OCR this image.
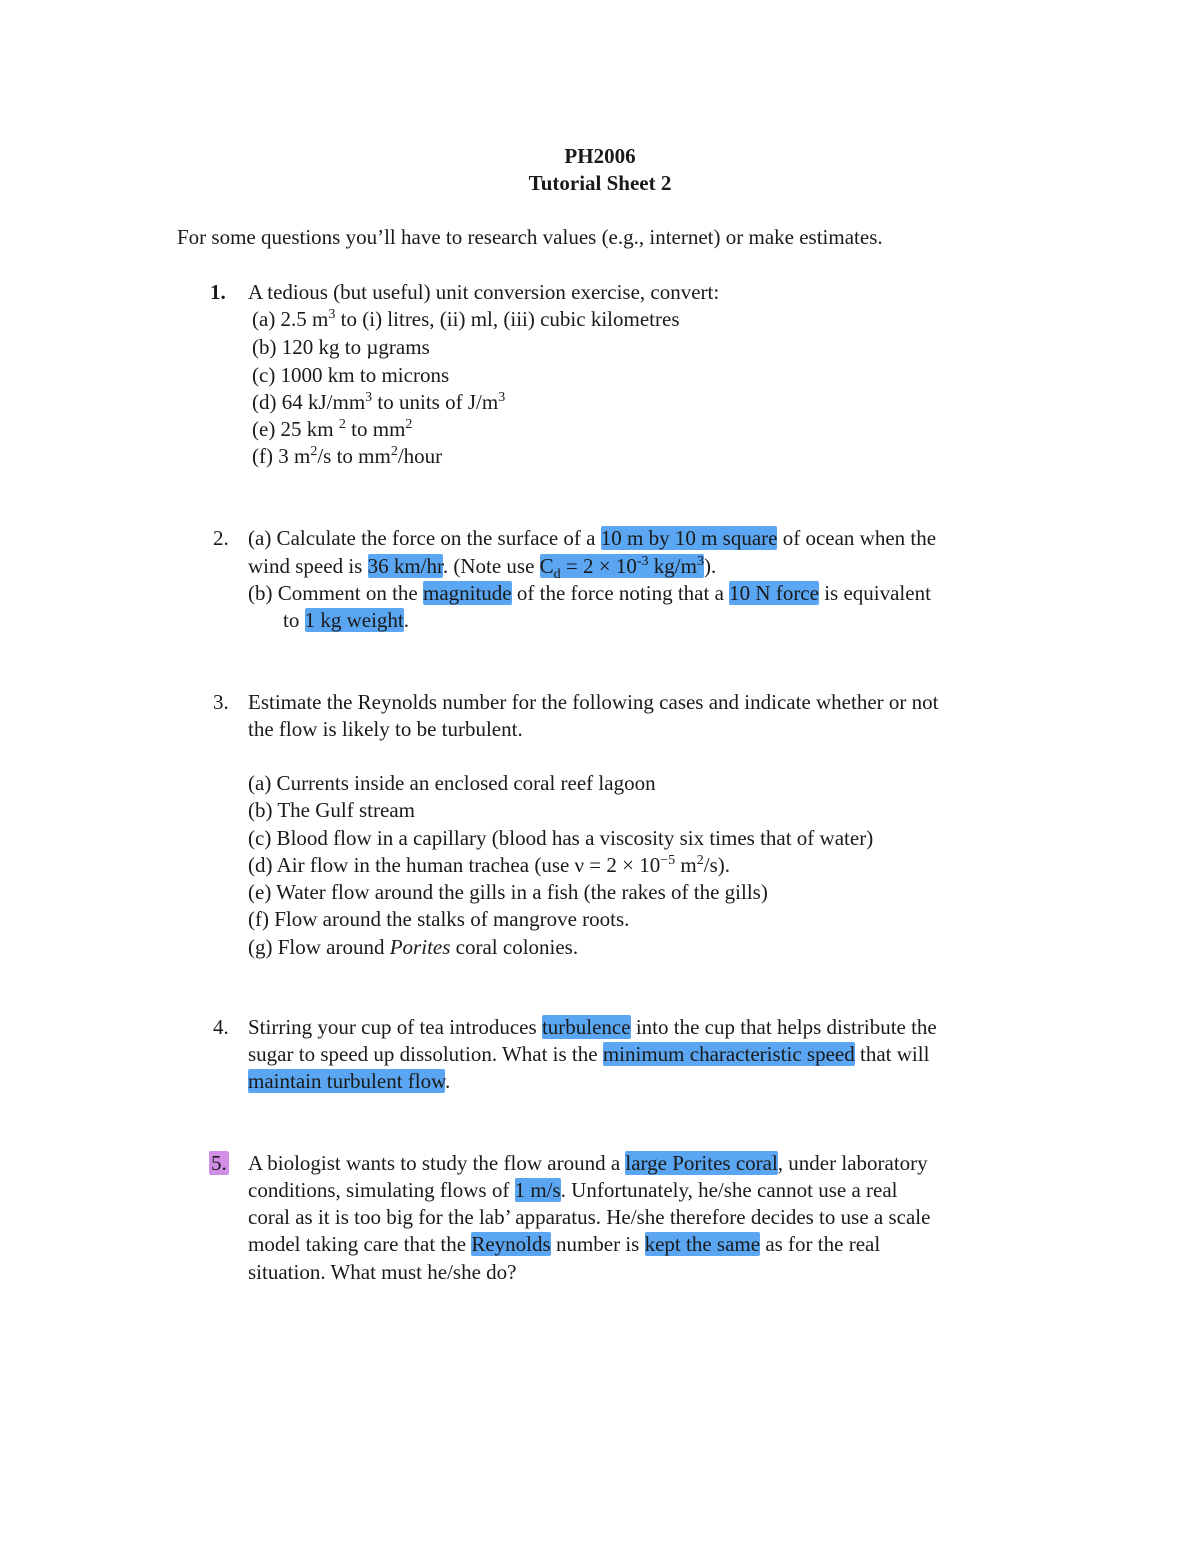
PH2006
Tutorial Sheet 2
For some questions you’ll have to research values (e.g., internet) or make estimates.
1. A tedious (but useful) unit conversion exercise, convert:
(a) 2.5 $m^3$ to (i) litres, (ii) ml, (iii) cubic kilometres
(b) 120 kg to µgrams
(c) 1000 km to microns
(d) 64 $kJ/mm^3$ to units of $J/m^3$
(e) 25 km $^2$ to $mm^2$
(f) 3 $m^2/s$ to $mm^2$/hour
2. (a) Calculate the force on the surface of a 10 m by 10 m square of ocean when the
wind speed is 36 km/hr. (Note use $C_d = 2 \times 10^{-3}$ $kg/m^3$).
(b) Comment on the magnitude of the force noting that a 10 N force is equivalent
to 1 kg weight.
3. Estimate the Reynolds number for the following cases and indicate whether or not
the flow is likely to be turbulent.
(a) Currents inside an enclosed coral reef lagoon
(b) The Gulf stream
(c) Blood flow in a capillary (blood has a viscosity six times that of water)
(d) Air flow in the human trachea (use $\nu = 2 \times 10^{-5}$ $m^2/s$).
(e) Water flow around the gills in a fish (the rakes of the gills)
(f) Flow around the stalks of mangrove roots.
(g) Flow around Porites coral colonies.
4. Stirring your cup of tea introduces turbulence into the cup that helps distribute the
sugar to speed up dissolution. What is the minimum characteristic speed that will
maintain turbulent flow.
5. A biologist wants to study the flow around a large Porites coral, under laboratory
conditions, simulating flows of 1 m/s. Unfortunately, he/she cannot use a real
coral as it is too big for the lab’ apparatus. He/she therefore decides to use a scale
model taking care that the Reynolds number is kept the same as for the real
situation. What must he/she do?
